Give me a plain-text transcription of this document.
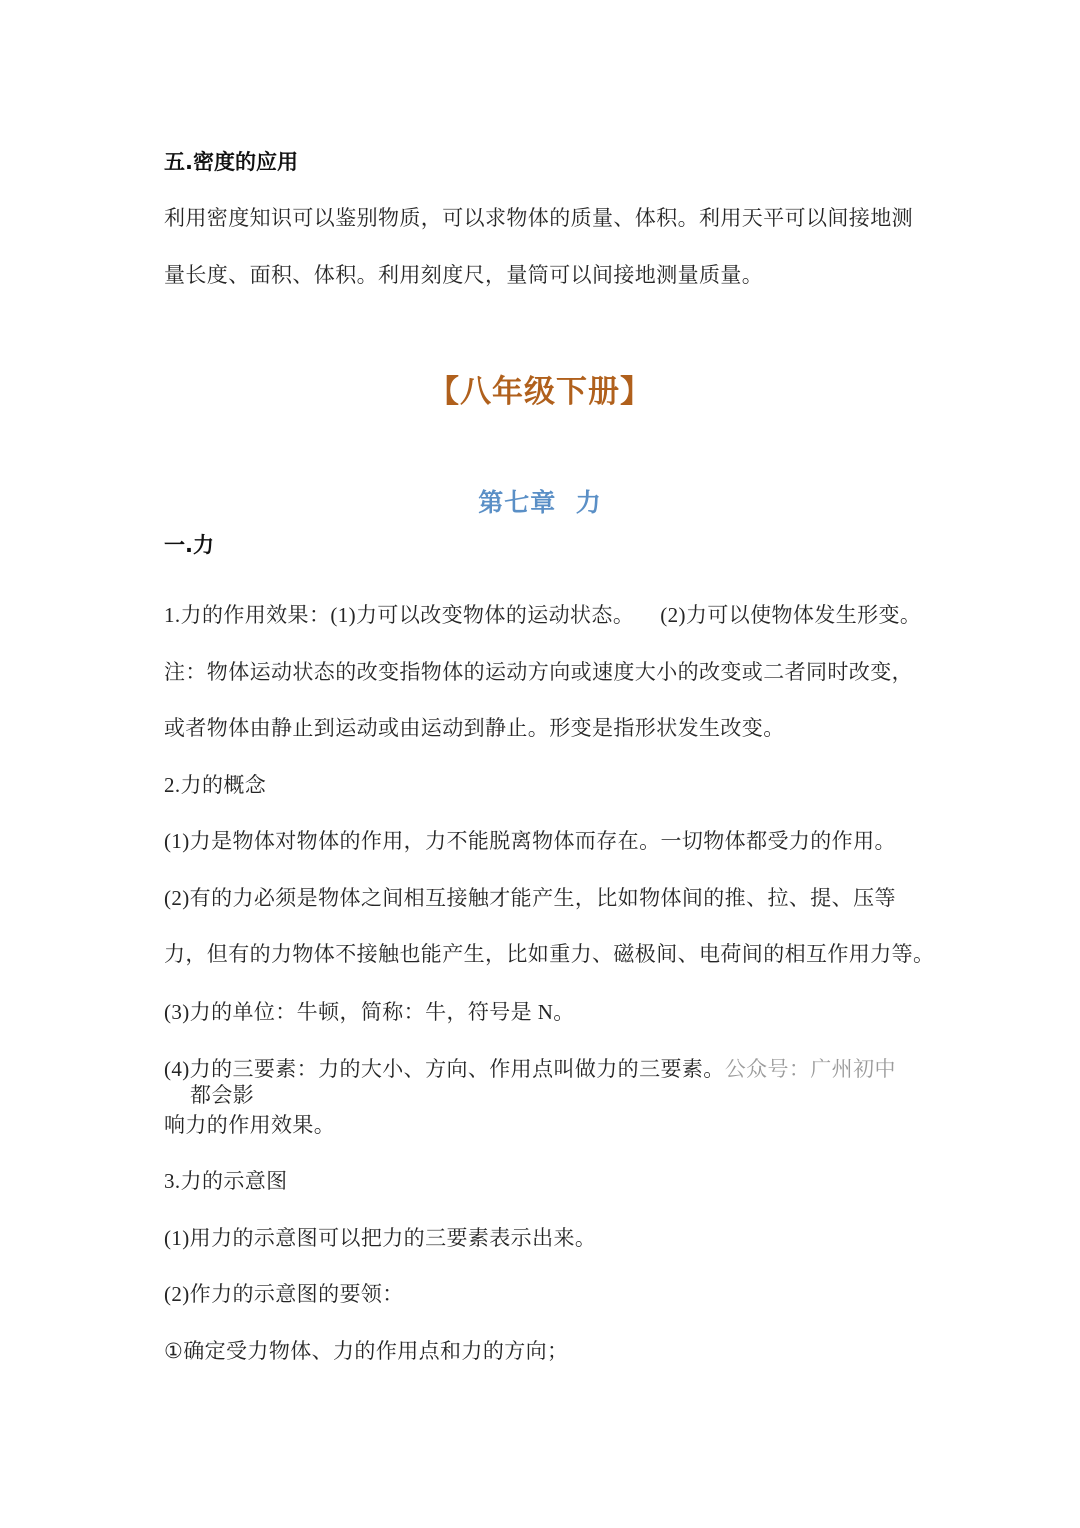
五.密度的应用
利用密度知识可以鉴别物质，可以求物体的质量、体积。利用天平可以间接地测
量长度、面积、体积。利用刻度尺，量筒可以间接地测量质量。
【八年级下册】
第七章  力
一.力
1.力的作用效果：(1)力可以改变物体的运动状态。 (2)力可以使物体发生形变。
注：物体运动状态的改变指物体的运动方向或速度大小的改变或二者同时改变，
或者物体由静止到运动或由运动到静止。形变是指形状发生改变。
2.力的概念
(1)力是物体对物体的作用，力不能脱离物体而存在。一切物体都受力的作用。
(2)有的力必须是物体之间相互接触才能产生，比如物体间的推、拉、提、压等
力，但有的力物体不接触也能产生，比如重力、磁极间、电荷间的相互作用力等。
(3)力的单位：牛顿，简称：牛，符号是 N。
(4)力的三要素：力的大小、方向、作用点叫做力的三要素。公众号：广州初中
都会影
响力的作用效果。
3.力的示意图
(1)用力的示意图可以把力的三要素表示出来。
(2)作力的示意图的要领：
①确定受力物体、力的作用点和力的方向；
